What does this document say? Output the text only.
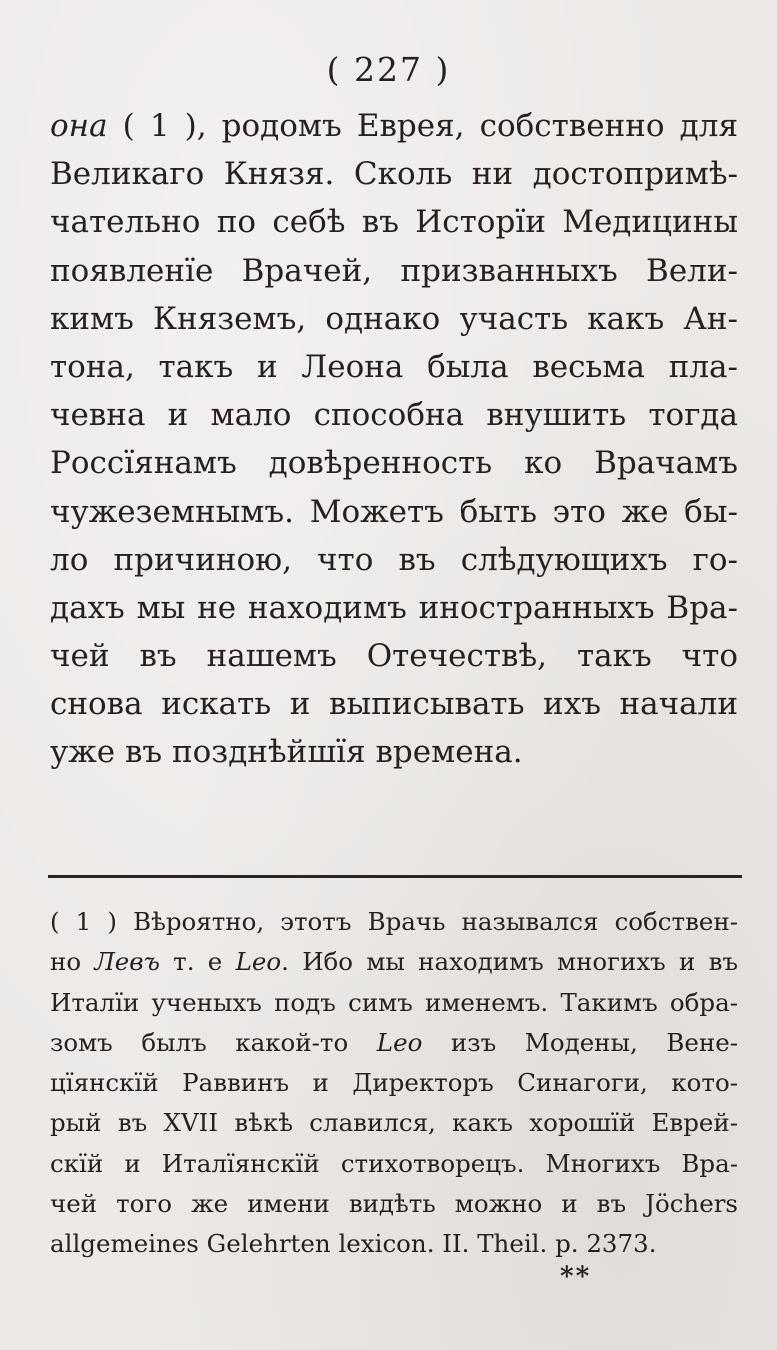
( 227 )
она ( 1 ), родомъ Еврея, собственно для
Великаго Князя. Сколь ни достопримѣ-
чательно по себѣ въ Исторїи Медицины
появленїе Врачей, призванныхъ Вели-
кимъ Княземъ, однако участь какъ Ан-
тона, такъ и Леона была весьма пла-
чевна и мало способна внушить тогда
Россїянамъ довѣренность ко Врачамъ
чужеземнымъ. Можетъ быть это же бы-
ло причиною, что въ слѣдующихъ го-
дахъ мы не находимъ иностранныхъ Вра-
чей въ нашемъ Отечествѣ, такъ что
снова искать и выписывать ихъ начали
уже въ позднѣйшїя времена.
( 1 ) Вѣроятно, этотъ Врачь назывался собствен-
но Левъ т. е Leo. Ибо мы находимъ многихъ и въ
Италїи ученыхъ подъ симъ именемъ. Такимъ обра-
зомъ былъ какой-то Leo изъ Модены, Вене-
цїянскїй Раввинъ и Директоръ Синагоги, кото-
рый въ XVII вѣкѣ славился, какъ хорошїй Еврей-
скїй и Италїянскїй стихотворецъ. Многихъ Вра-
чей того же имени видѣть можно и въ Jöchers
allgemeines Gelehrten lexicon. II. Theil. p. 2373.
**
